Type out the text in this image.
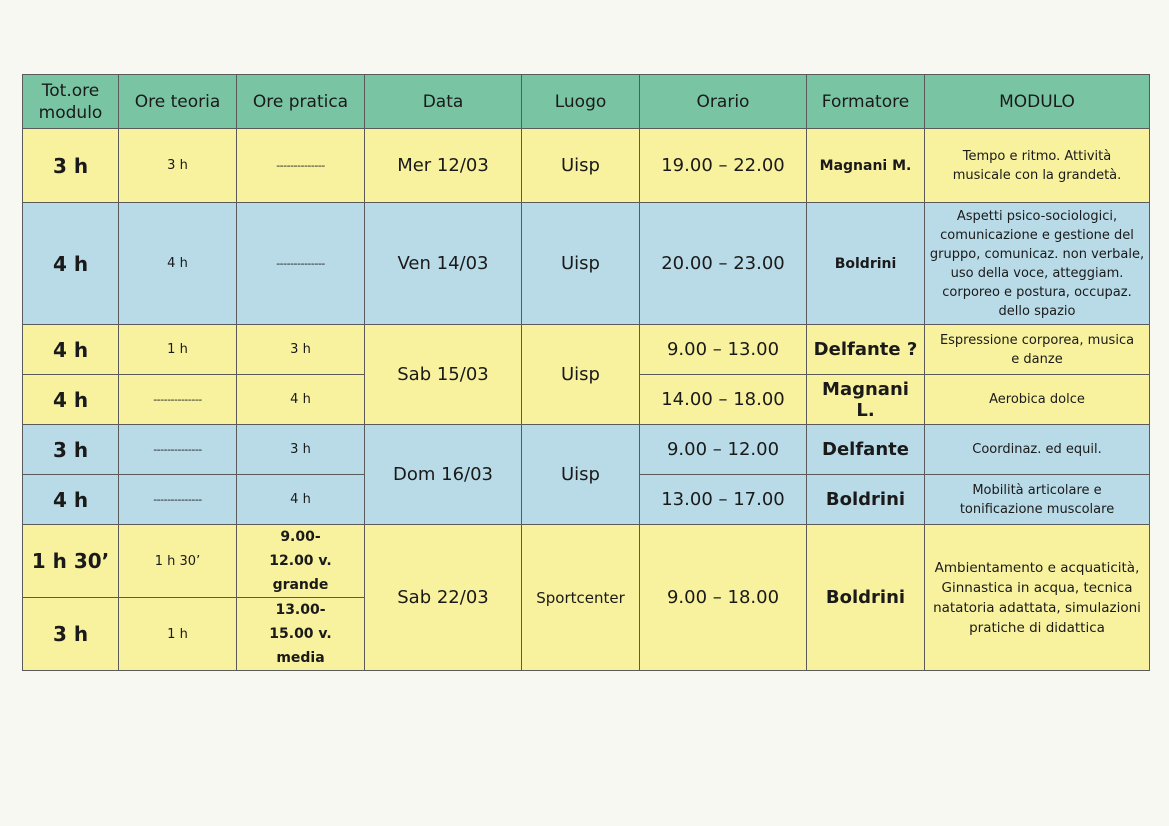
Tot.ore modulo	Ore teoria	Ore pratica	Data	Luogo	Orario	Formatore	MODULO
3 h	3 h	--------------	Mer 12/03	Uisp	19.00 – 22.00	Magnani M.	Tempo e ritmo. Attività musicale con la grandetà.
4 h	4 h	--------------	Ven 14/03	Uisp	20.00 – 23.00	Boldrini	Aspetti psico-sociologici, comunicazione e gestione del gruppo, comunicaz. non verbale, uso della voce, atteggiam. corporeo e postura, occupaz. dello spazio
4 h	1 h	3 h	Sab 15/03	Uisp	9.00 – 13.00	Delfante ?	Espressione corporea, musica e danze
4 h	--------------	4 h			14.00 – 18.00	Magnani L.	Aerobica dolce
3 h	--------------	3 h	Dom 16/03	Uisp	9.00 – 12.00	Delfante	Coordinaz. ed equil.
4 h	--------------	4 h			13.00 – 17.00	Boldrini	Mobilità articolare e tonificazione muscolare
1 h 30’	1 h 30’	9.00-12.00 v. grande	Sab 22/03	Sportcenter	9.00 – 18.00	Boldrini	Ambientamento e acquaticità, Ginnastica in acqua, tecnica natatoria adattata, simulazioni pratiche di didattica
3 h	1 h	13.00-15.00 v. media					
